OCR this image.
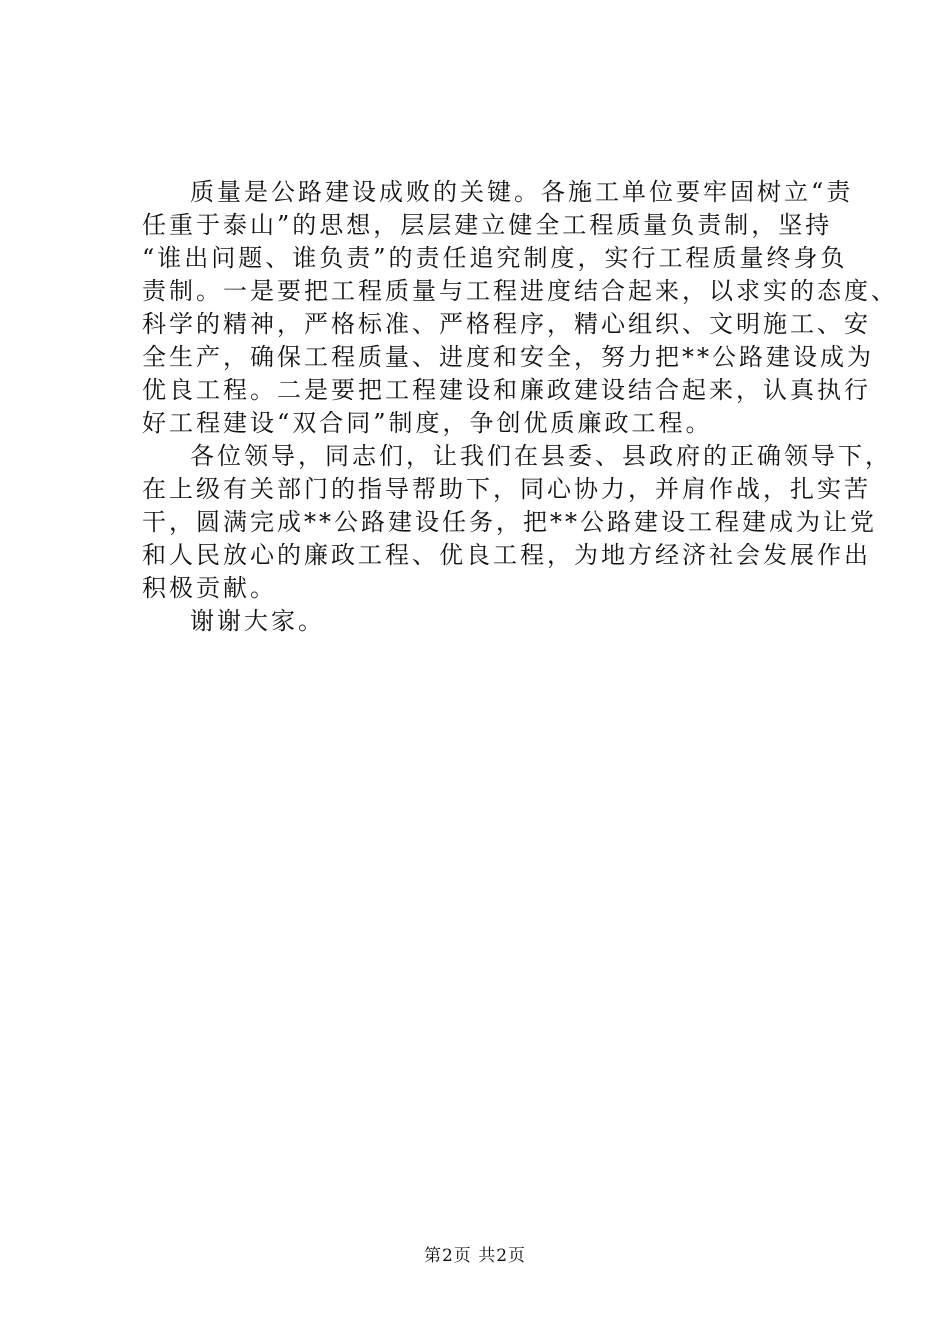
质量是公路建设成败的关键。各施工单位要牢固树立“责
任重于泰山”的思想，层层建立健全工程质量负责制，坚持
“谁出问题、谁负责”的责任追究制度，实行工程质量终身负
责制。一是要把工程质量与工程进度结合起来，以求实的态度、
科学的精神，严格标准、严格程序，精心组织、文明施工、安
全生产，确保工程质量、进度和安全，努力把**公路建设成为
优良工程。二是要把工程建设和廉政建设结合起来，认真执行
好工程建设“双合同”制度，争创优质廉政工程。
各位领导，同志们，让我们在县委、县政府的正确领导下，
在上级有关部门的指导帮助下，同心协力，并肩作战，扎实苦
干，圆满完成**公路建设任务，把**公路建设工程建成为让党
和人民放心的廉政工程、优良工程，为地方经济社会发展作出
积极贡献。
谢谢大家。
第2页 共2页
